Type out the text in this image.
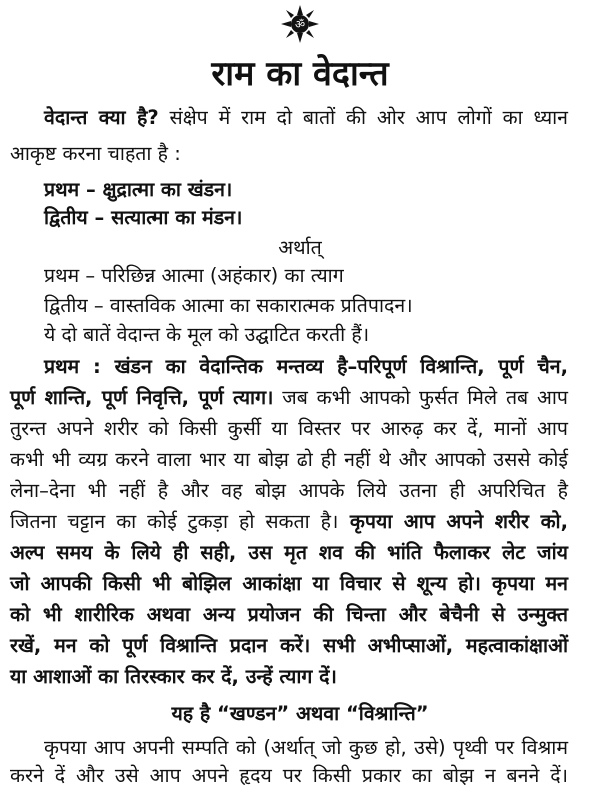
ॐ
राम का वेदान्त
वेदान्त क्या है? संक्षेप में राम दो बातों की ओर आप लोगों का ध्यान
आकृष्ट करना चाहता है :
प्रथम – क्षुद्रात्मा का खंडन।
द्वितीय – सत्यात्मा का मंडन।
अर्थात्
प्रथम – परिछिन्न आत्मा (अहंकार) का त्याग
द्वितीय – वास्तविक आत्मा का सकारात्मक प्रतिपादन।
ये दो बातें वेदान्त के मूल को उद्घाटित करती हैं।
प्रथम : खंडन का वेदान्तिक मन्तव्य है–परिपूर्ण विश्रान्ति, पूर्ण चैन,
पूर्ण शान्ति, पूर्ण निवृत्ति, पूर्ण त्याग। जब कभी आपको फुर्सत मिले तब आप
तुरन्त अपने शरीर को किसी कुर्सी या विस्तर पर आरुढ़ कर दें, मानों आप
कभी भी व्यग्र करने वाला भार या बोझ ढो ही नहीं थे और आपको उससे कोई
लेना–देना भी नहीं है और वह बोझ आपके लिये उतना ही अपरिचित है
जितना चट्टान का कोई टुकड़ा हो सकता है। कृपया आप अपने शरीर को,
अल्प समय के लिये ही सही, उस मृत शव की भांति फैलाकर लेट जांय
जो आपकी किसी भी बोझिल आकांक्षा या विचार से शून्य हो। कृपया मन
को भी शारीरिक अथवा अन्य प्रयोजन की चिन्ता और बेचैनी से उन्मुक्त
रखें, मन को पूर्ण विश्रान्ति प्रदान करें। सभी अभीप्साओं, महत्वाकांक्षाओं
या आशाओं का तिरस्कार कर दें, उन्हें त्याग दें।
यह है “खण्डन” अथवा “विश्रान्ति”
कृपया आप अपनी सम्पति को (अर्थात् जो कुछ हो, उसे) पृथ्वी पर विश्राम
करने दें और उसे आप अपने हृदय पर किसी प्रकार का बोझ न बनने दें।
